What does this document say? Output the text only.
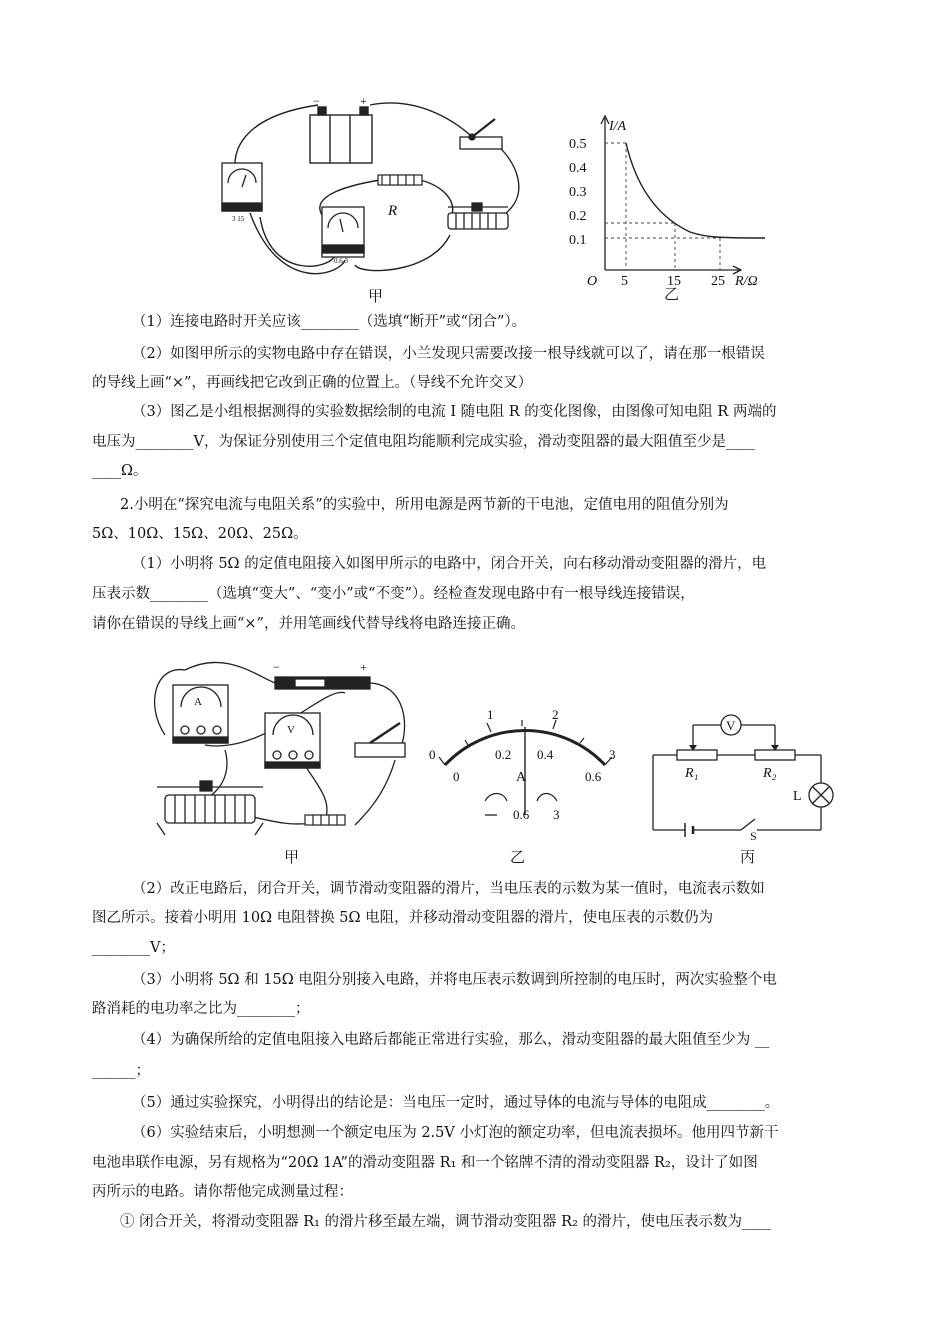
−	+
3 15	R
0.6 3
甲
I/A
R/Ω
O
0.5
0.4
0.3
0.2
0.1
5	15 25
乙
（1）连接电路时开关应该________（选填“断开”或“闭合”）。
（2）如图甲所示的实物电路中存在错误，小兰发现只需要改接一根导线就可以了，请在那一根错误
的导线上画“×”，再画线把它改到正确的位置上。（导线不允许交叉）
（3）图乙是小组根据测得的实验数据绘制的电流 I 随电阻 R 的变化图像，由图像可知电阻 R 两端的
电压为________V，为保证分别使用三个定值电阻均能顺利完成实验，滑动变阻器的最大阻值至少是____
____Ω。
2.小明在“探究电流与电阻关系”的实验中，所用电源是两节新的干电池，定值电用的阻值分别为
5Ω、10Ω、15Ω、20Ω、25Ω。
（1）小明将 5Ω 的定值电阻接入如图甲所示的电路中，闭合开关，向右移动滑动变阻器的滑片，电
压表示数________（选填“变大”、“变小”或“不变”）。经检查发现电路中有一根导线连接错误，
请你在错误的导线上画“×”，并用笔画线代替导线将电路连接正确。
−	+
A
V
甲
0
1	2
3
0
0.2 0.4
0.6
A
0.6 3
乙
V
R₁	R₂
L
S
丙
（2）改正电路后，闭合开关，调节滑动变阻器的滑片，当电压表的示数为某一值时，电流表示数如
图乙所示。接着小明用 10Ω 电阻替换 5Ω 电阻，并移动滑动变阻器的滑片，使电压表的示数仍为
________V；
（3）小明将 5Ω 和 15Ω 电阻分别接入电路，并将电压表示数调到所控制的电压时，两次实验整个电
路消耗的电功率之比为________；
（4）为确保所给的定值电阻接入电路后都能正常进行实验，那么，滑动变阻器的最大阻值至少为 __
______；
（5）通过实验探究，小明得出的结论是：当电压一定时，通过导体的电流与导体的电阻成________。
（6）实验结束后，小明想测一个额定电压为 2.5V 小灯泡的额定功率，但电流表损坏。他用四节新干
电池串联作电源，另有规格为“20Ω 1A”的滑动变阻器 R₁ 和一个铭牌不清的滑动变阻器 R₂，设计了如图
丙所示的电路。请你帮他完成测量过程：
① 闭合开关，将滑动变阻器 R₁ 的滑片移至最左端，调节滑动变阻器 R₂ 的滑片，使电压表示数为____
